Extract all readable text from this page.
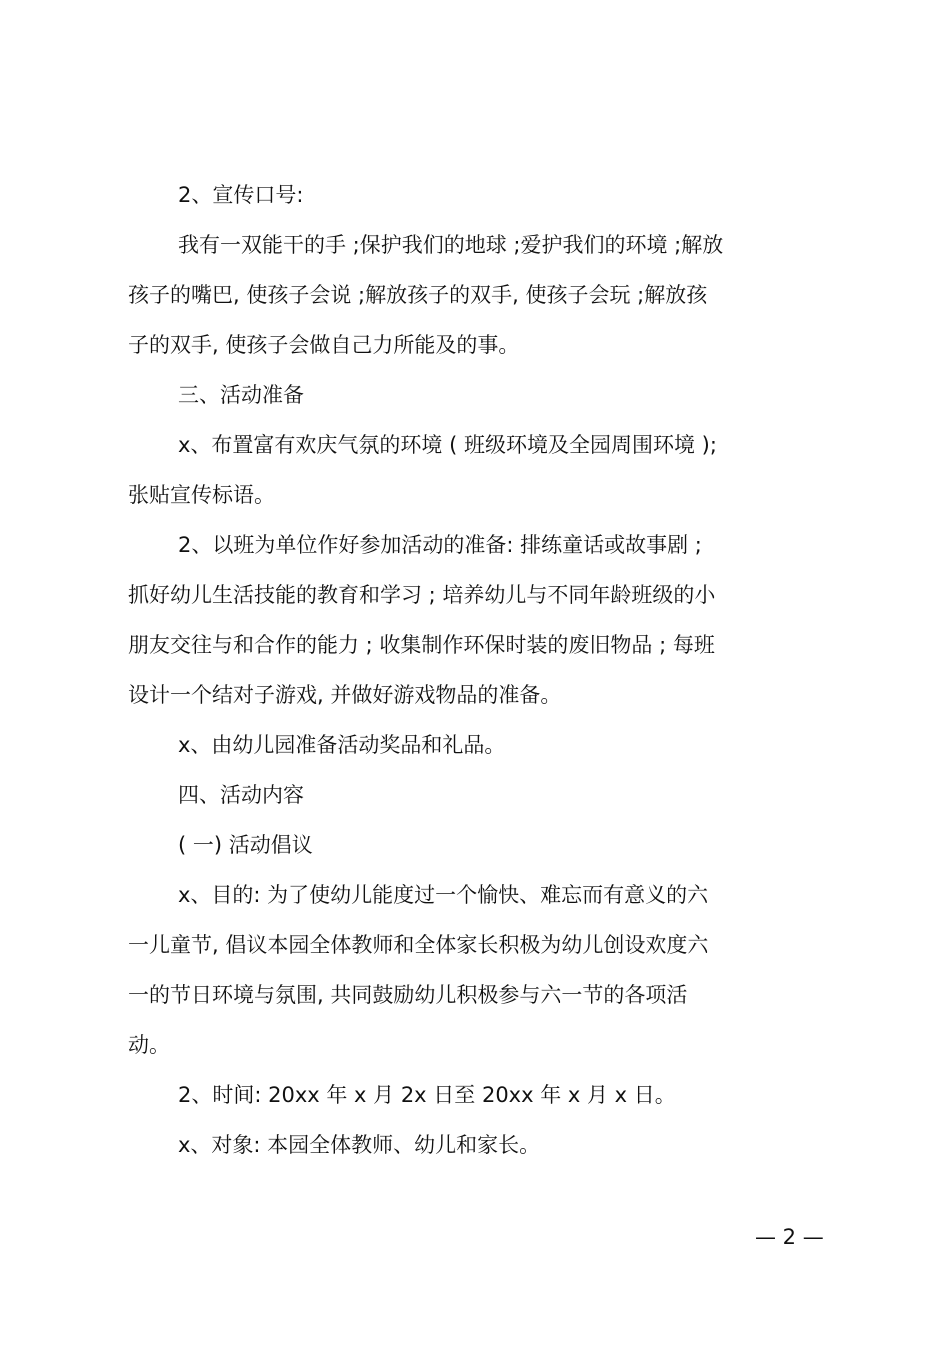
2、宣传口号:

我有一双能干的手 ;保护我们的地球 ;爱护我们的环境 ;解放

孩子的嘴巴, 使孩子会说 ;解放孩子的双手, 使孩子会玩 ;解放孩

子的双手, 使孩子会做自己力所能及的事。

三、活动准备

x、布置富有欢庆气氛的环境 ( 班级环境及全园周围环境 );

张贴宣传标语。

2、以班为单位作好参加活动的准备: 排练童话或故事剧 ;

抓好幼儿生活技能的教育和学习 ; 培养幼儿与不同年龄班级的小

朋友交往与和合作的能力 ; 收集制作环保时装的废旧物品 ; 每班

设计一个结对子游戏, 并做好游戏物品的准备。

x、由幼儿园准备活动奖品和礼品。

四、活动内容

( 一) 活动倡议

x、目的: 为了使幼儿能度过一个愉快、难忘而有意义的六

一儿童节, 倡议本园全体教师和全体家长积极为幼儿创设欢度六

一的节日环境与氛围, 共同鼓励幼儿积极参与六一节的各项活

动。

2、时间: 20xx 年 x 月 2x 日至 20xx 年 x 月 x 日。

x、对象: 本园全体教师、幼儿和家长。

— 2 —
